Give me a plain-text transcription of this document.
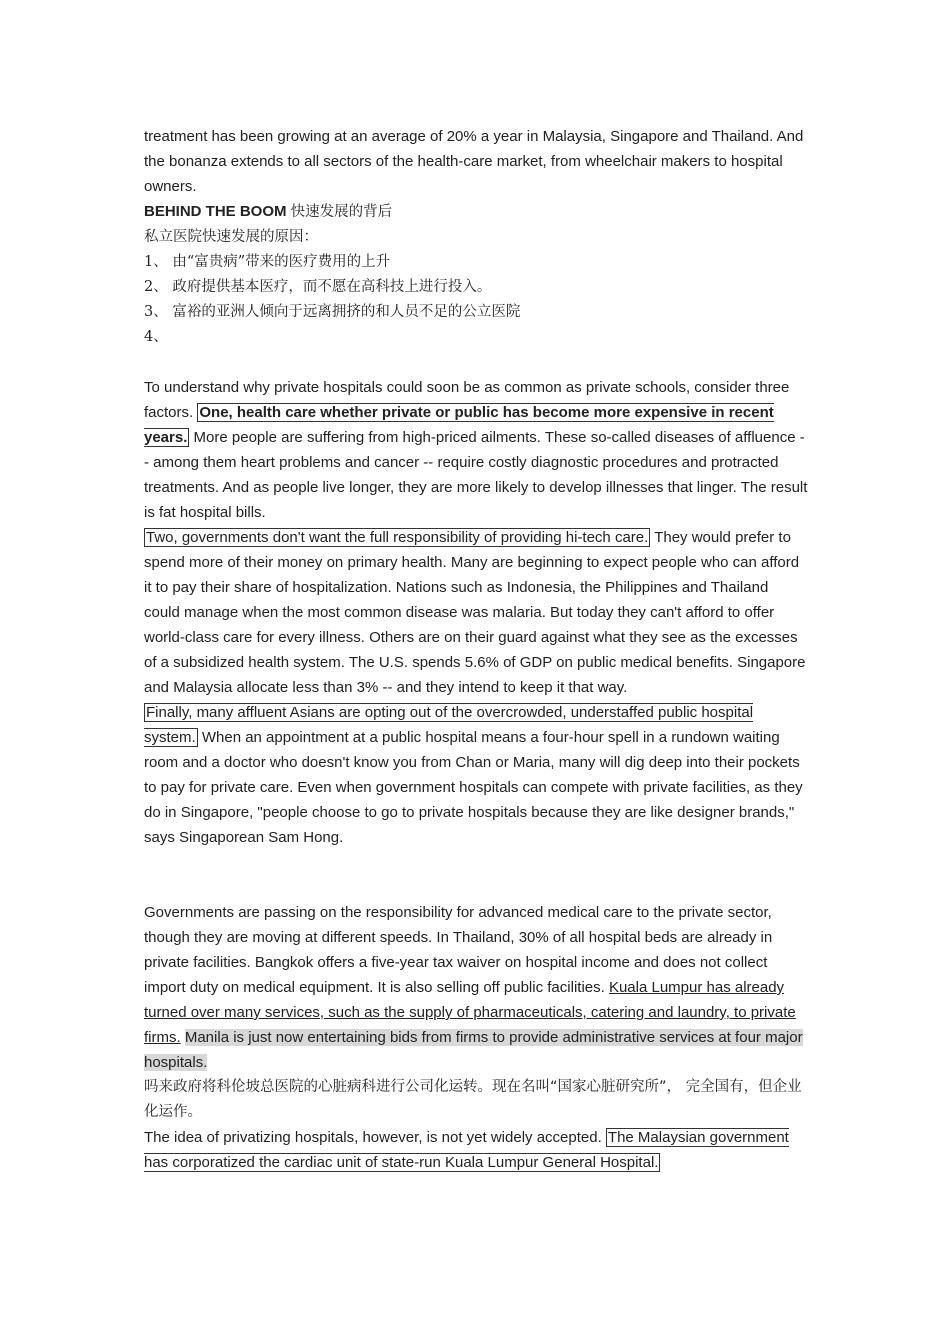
treatment has been growing at an average of 20% a year in Malaysia, Singapore and Thailand. And the bonanza extends to all sectors of the health-care market, from wheelchair makers to hospital owners.

BEHIND THE BOOM 快速发展的背后

私立医院快速发展的原因：

1、 由“富贵病”带来的医疗费用的上升

2、 政府提供基本医疗，而不愿在高科技上进行投入。

3、 富裕的亚洲人倾向于远离拥挤的和人员不足的公立医院

4、

To understand why private hospitals could soon be as common as private schools, consider three factors. One, health care whether private or public has become more expensive in recent years. More people are suffering from high-priced ailments. These so-called diseases of affluence -- among them heart problems and cancer -- require costly diagnostic procedures and protracted treatments. And as people live longer, they are more likely to develop illnesses that linger. The result is fat hospital bills.

Two, governments don't want the full responsibility of providing hi-tech care. They would prefer to spend more of their money on primary health. Many are beginning to expect people who can afford it to pay their share of hospitalization. Nations such as Indonesia, the Philippines and Thailand could manage when the most common disease was malaria. But today they can't afford to offer world-class care for every illness. Others are on their guard against what they see as the excesses of a subsidized health system. The U.S. spends 5.6% of GDP on public medical benefits. Singapore and Malaysia allocate less than 3% -- and they intend to keep it that way.

Finally, many affluent Asians are opting out of the overcrowded, understaffed public hospital system. When an appointment at a public hospital means a four-hour spell in a rundown waiting room and a doctor who doesn't know you from Chan or Maria, many will dig deep into their pockets to pay for private care. Even when government hospitals can compete with private facilities, as they do in Singapore, "people choose to go to private hospitals because they are like designer brands," says Singaporean Sam Hong.

Governments are passing on the responsibility for advanced medical care to the private sector, though they are moving at different speeds. In Thailand, 30% of all hospital beds are already in private facilities. Bangkok offers a five-year tax waiver on hospital income and does not collect import duty on medical equipment. It is also selling off public facilities. Kuala Lumpur has already turned over many services, such as the supply of pharmaceuticals, catering and laundry, to private firms. Manila is just now entertaining bids from firms to provide administrative services at four major hospitals.

吗来政府将科伦坡总医院的心脏病科进行公司化运转。现在名叫“国家心脏研究所”， 完全国有，但企业化运作。

The idea of privatizing hospitals, however, is not yet widely accepted. The Malaysian government has corporatized the cardiac unit of state-run Kuala Lumpur General Hospital.
